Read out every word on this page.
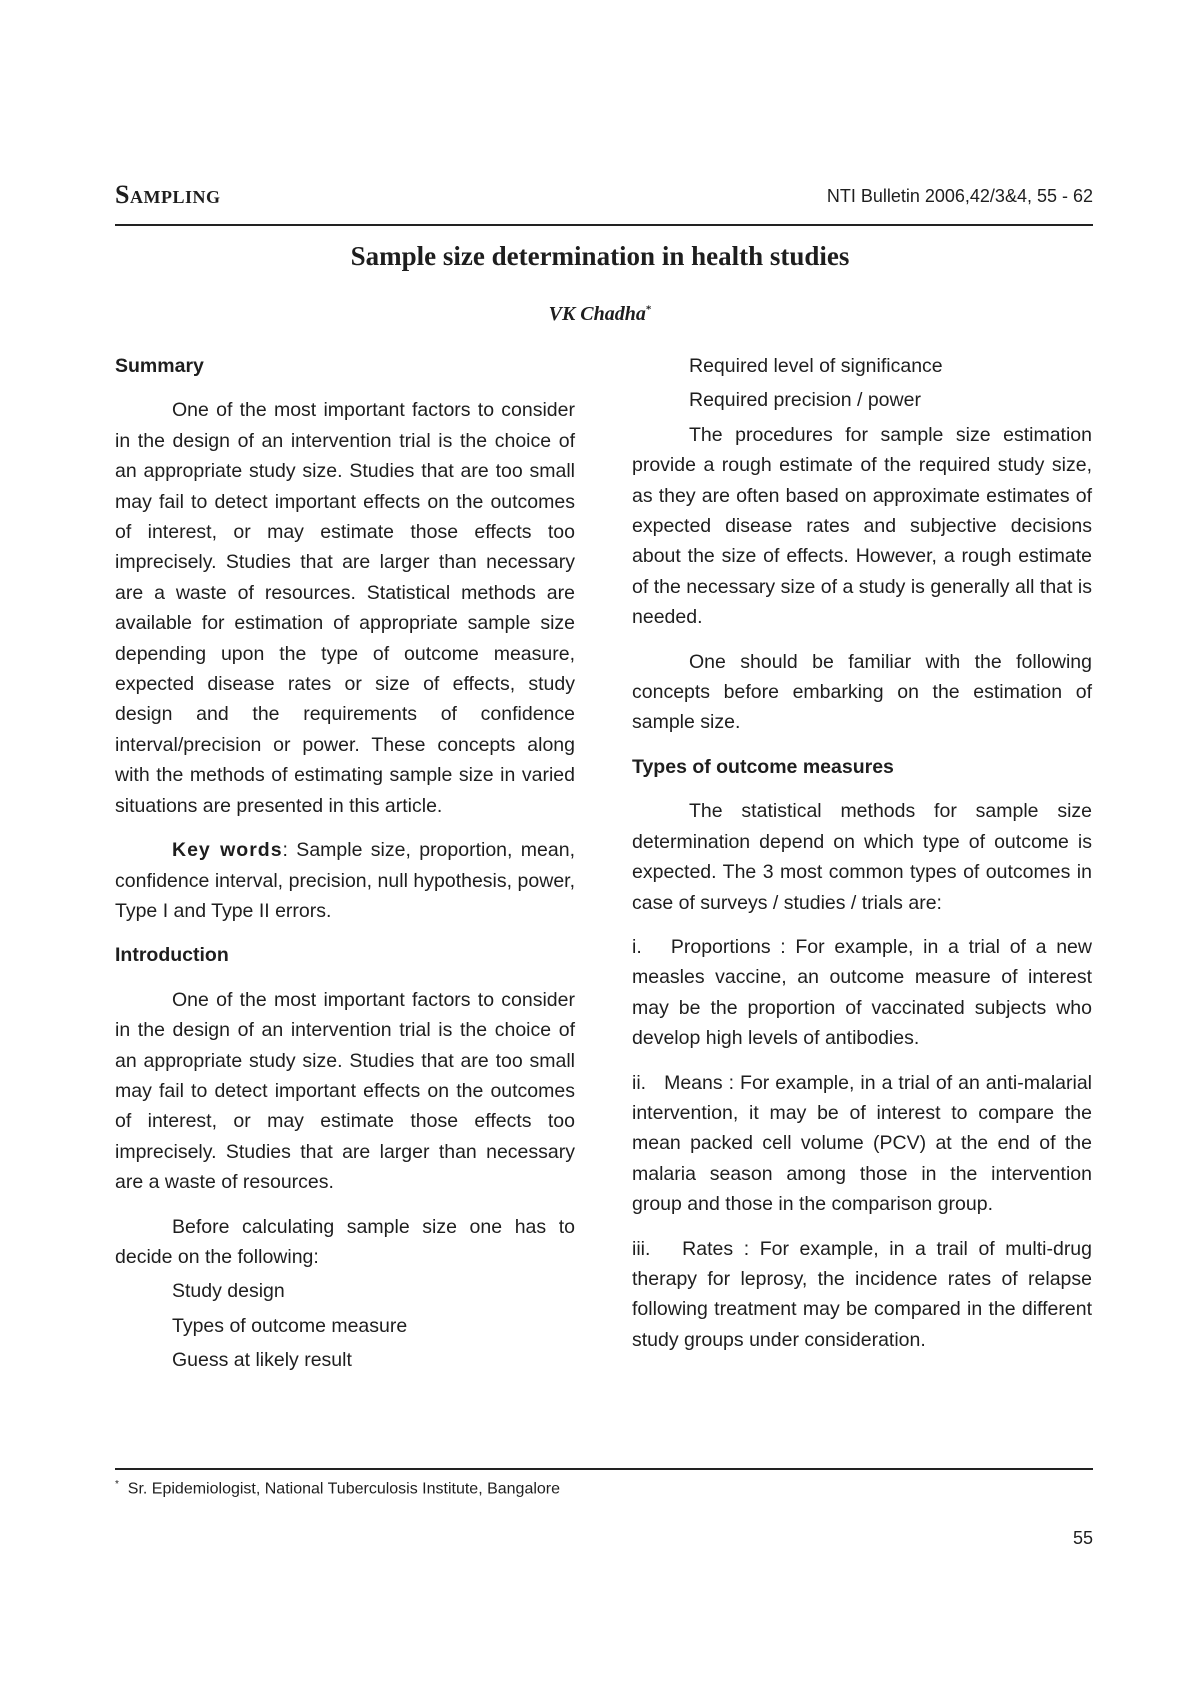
Sampling	NTI Bulletin 2006,42/3&4, 55 - 62
Sample size determination in health studies
VK Chadha*
Summary

One of the most important factors to consider in the design of an intervention trial is the choice of an appropriate study size. Studies that are too small may fail to detect important effects on the outcomes of interest, or may estimate those effects too imprecisely. Studies that are larger than necessary are a waste of resources. Statistical methods are available for estimation of appropriate sample size depending upon the type of outcome measure, expected disease rates or size of effects, study design and the requirements of confidence interval/precision or power. These concepts along with the methods of estimating sample size in varied situations are presented in this article.

Key words: Sample size, proportion, mean, confidence interval, precision, null hypothesis, power, Type I and Type II errors.

Introduction

One of the most important factors to consider in the design of an intervention trial is the choice of an appropriate study size. Studies that are too small may fail to detect important effects on the outcomes of interest, or may estimate those effects too imprecisely. Studies that are larger than necessary are a waste of resources.

Before calculating sample size one has to decide on the following:

Study design
Types of outcome measure
Guess at likely result
Required level of significance
Required precision / power

The procedures for sample size estimation provide a rough estimate of the required study size, as they are often based on approximate estimates of expected disease rates and subjective decisions about the size of effects. However, a rough estimate of the necessary size of a study is generally all that is needed.

One should be familiar with the following concepts before embarking on the estimation of sample size.

Types of outcome measures

The statistical methods for sample size determination depend on which type of outcome is expected. The 3 most common types of outcomes in case of surveys / studies / trials are:

i.   Proportions : For example, in a trial of a new measles vaccine, an outcome measure of interest may be the proportion of vaccinated subjects who develop high levels of antibodies.

ii.   Means : For example, in a trial of an anti-malarial intervention, it may be of interest to compare the mean packed cell volume (PCV) at the end of the malaria season among those in the intervention group and those in the comparison group.

iii.   Rates : For example, in a trail of multi-drug therapy for leprosy, the incidence rates of relapse following treatment may be compared in the different study groups under consideration.

* Sr. Epidemiologist, National Tuberculosis Institute, Bangalore
55
